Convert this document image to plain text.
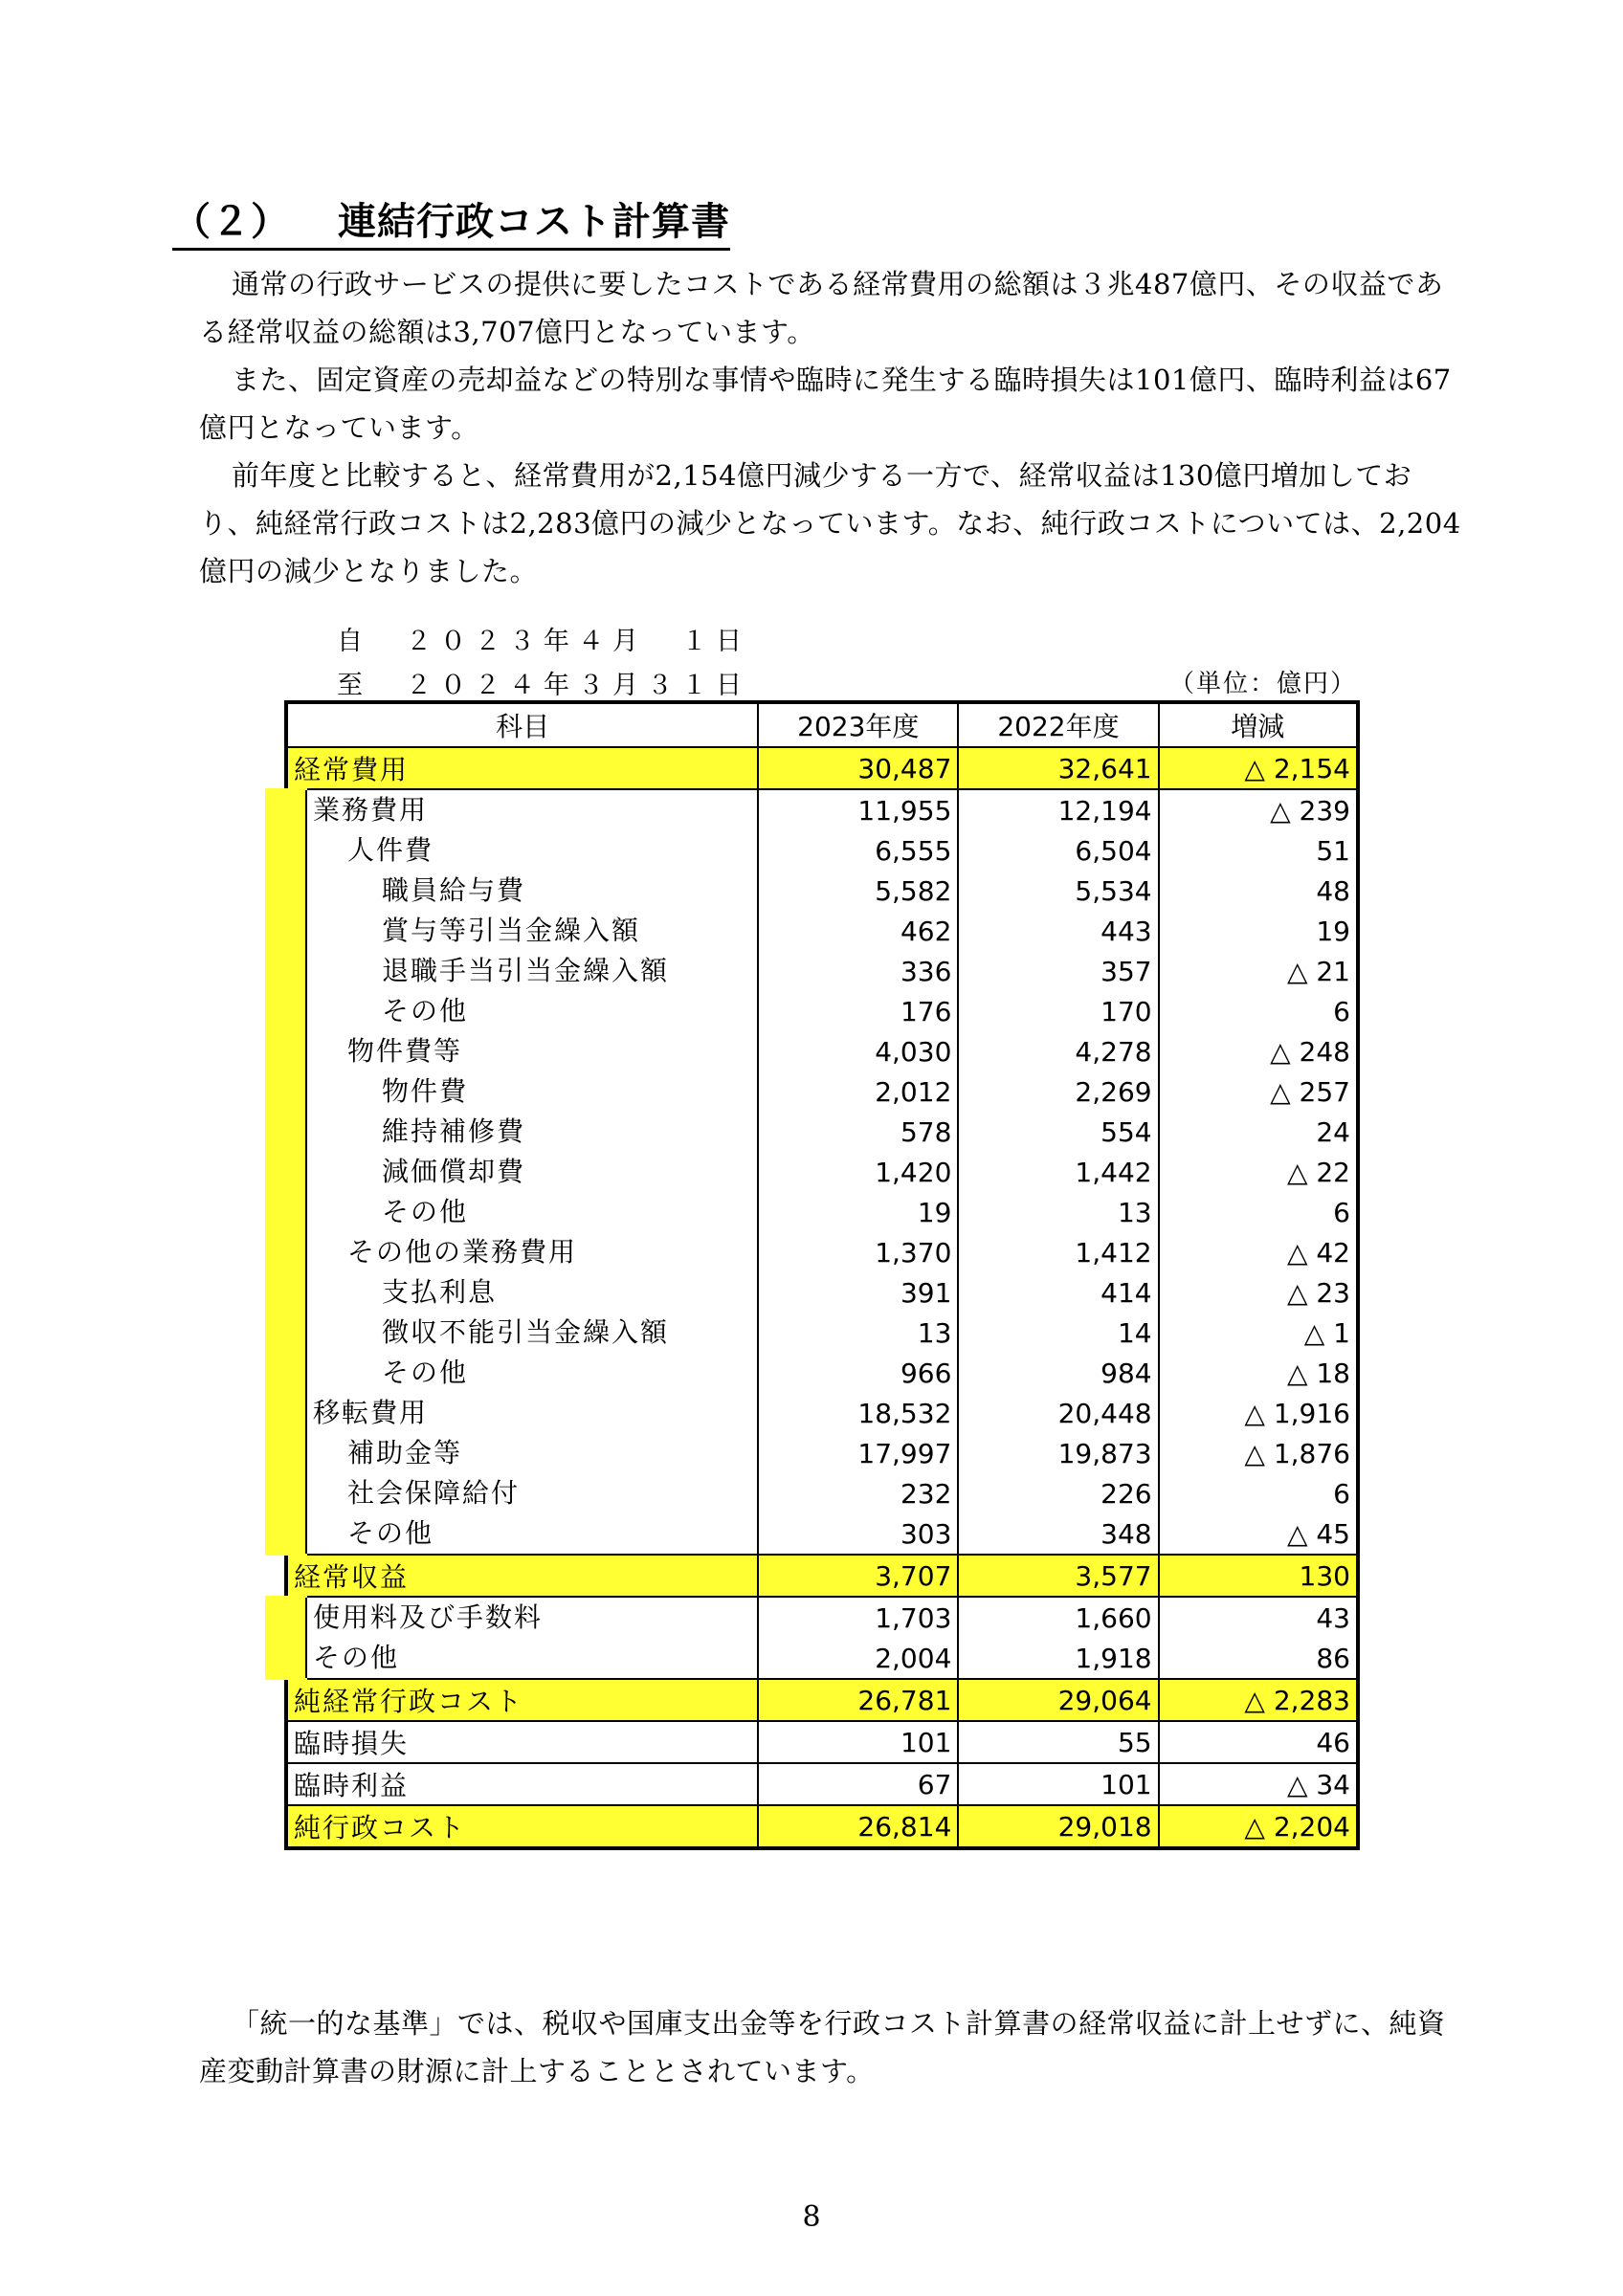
（２） 連結行政コスト計算書

通常の行政サービスの提供に要したコストである経常費用の総額は３兆487億円、その収益である経常収益の総額は3,707億円となっています。

また、固定資産の売却益などの特別な事情や臨時に発生する臨時損失は101億円、臨時利益は67億円となっています。

前年度と比較すると、経常費用が2,154億円減少する一方で、経常収益は130億円増加しており、純経常行政コストは2,283億円の減少となっています。なお、純行政コストについては、2,204億円の減少となりました。

自　２０２３年４月　１日
至　２０２４年３月３１日	（単位：億円）
科目	2023年度	2022年度	増減
経常費用	30,487	32,641	△ 2,154
業務費用	11,955	12,194	△ 239
人件費	6,555	6,504	51
職員給与費	5,582	5,534	48
賞与等引当金繰入額	462	443	19
退職手当引当金繰入額	336	357	△ 21
その他	176	170	6
物件費等	4,030	4,278	△ 248
物件費	2,012	2,269	△ 257
維持補修費	578	554	24
減価償却費	1,420	1,442	△ 22
その他	19	13	6
その他の業務費用	1,370	1,412	△ 42
支払利息	391	414	△ 23
徴収不能引当金繰入額	13	14	△ 1
その他	966	984	△ 18
移転費用	18,532	20,448	△ 1,916
補助金等	17,997	19,873	△ 1,876
社会保障給付	232	226	6
その他	303	348	△ 45
経常収益	3,707	3,577	130
使用料及び手数料	1,703	1,660	43
その他	2,004	1,918	86
純経常行政コスト	26,781	29,064	△ 2,283
臨時損失	101	55	46
臨時利益	67	101	△ 34
純行政コスト	26,814	29,018	△ 2,204

「統一的な基準」では、税収や国庫支出金等を行政コスト計算書の経常収益に計上せずに、純資産変動計算書の財源に計上することとされています。

8
